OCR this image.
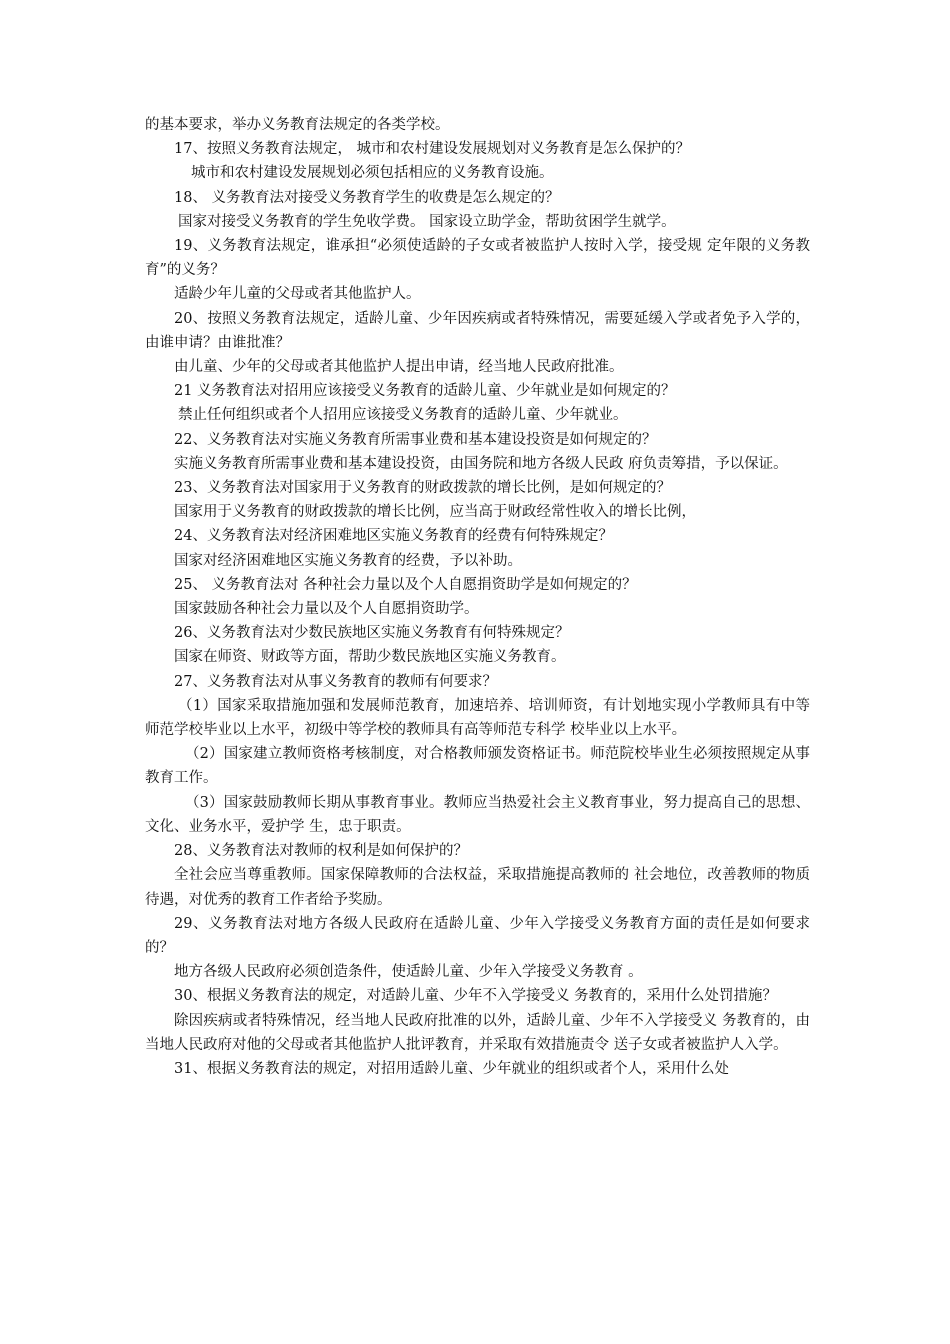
的基本要求，举办义务教育法规定的各类学校。

17、按照义务教育法规定， 城市和农村建设发展规划对义务教育是怎么保护的？

城市和农村建设发展规划必须包括相应的义务教育设施。

18、 义务教育法对接受义务教育学生的收费是怎么规定的？

国家对接受义务教育的学生免收学费。 国家设立助学金，帮助贫困学生就学。

19、义务教育法规定，谁承担“必须使适龄的子女或者被监护人按时入学，接受规 定年限的义务教育”的义务？

适龄少年儿童的父母或者其他监护人。

20、按照义务教育法规定，适龄儿童、少年因疾病或者特殊情况，需要延缓入学或者免予入学的，由谁申请？由谁批准？

由儿童、少年的父母或者其他监护人提出申请，经当地人民政府批准。

21 义务教育法对招用应该接受义务教育的适龄儿童、少年就业是如何规定的？

禁止任何组织或者个人招用应该接受义务教育的适龄儿童、少年就业。

22、义务教育法对实施义务教育所需事业费和基本建设投资是如何规定的？

实施义务教育所需事业费和基本建设投资，由国务院和地方各级人民政 府负责筹措，予以保证。

23、义务教育法对国家用于义务教育的财政拨款的增长比例，是如何规定的？

国家用于义务教育的财政拨款的增长比例，应当高于财政经常性收入的增长比例，

24、义务教育法对经济困难地区实施义务教育的经费有何特殊规定？

国家对经济困难地区实施义务教育的经费，予以补助。

25、 义务教育法对 各种社会力量以及个人自愿捐资助学是如何规定的？

国家鼓励各种社会力量以及个人自愿捐资助学。

26、义务教育法对少数民族地区实施义务教育有何特殊规定？

国家在师资、财政等方面，帮助少数民族地区实施义务教育。

27、义务教育法对从事义务教育的教师有何要求？

（1）国家采取措施加强和发展师范教育，加速培养、培训师资，有计划地实现小学教师具有中等师范学校毕业以上水平，初级中等学校的教师具有高等师范专科学 校毕业以上水平。

（2）国家建立教师资格考核制度，对合格教师颁发资格证书。师范院校毕业生必须按照规定从事教育工作。

（3）国家鼓励教师长期从事教育事业。教师应当热爱社会主义教育事业，努力提高自己的思想、文化、业务水平，爱护学 生，忠于职责。

28、义务教育法对教师的权利是如何保护的？

全社会应当尊重教师。国家保障教师的合法权益，采取措施提高教师的 社会地位，改善教师的物质待遇，对优秀的教育工作者给予奖励。

29、义务教育法对地方各级人民政府在适龄儿童、少年入学接受义务教育方面的责任是如何要求的？

地方各级人民政府必须创造条件，使适龄儿童、少年入学接受义务教育 。

30、根据义务教育法的规定，对适龄儿童、少年不入学接受义 务教育的，采用什么处罚措施？

除因疾病或者特殊情况，经当地人民政府批准的以外，适龄儿童、少年不入学接受义 务教育的，由当地人民政府对他的父母或者其他监护人批评教育，并采取有效措施责令 送子女或者被监护人入学。

31、根据义务教育法的规定，对招用适龄儿童、少年就业的组织或者个人，采用什么处
